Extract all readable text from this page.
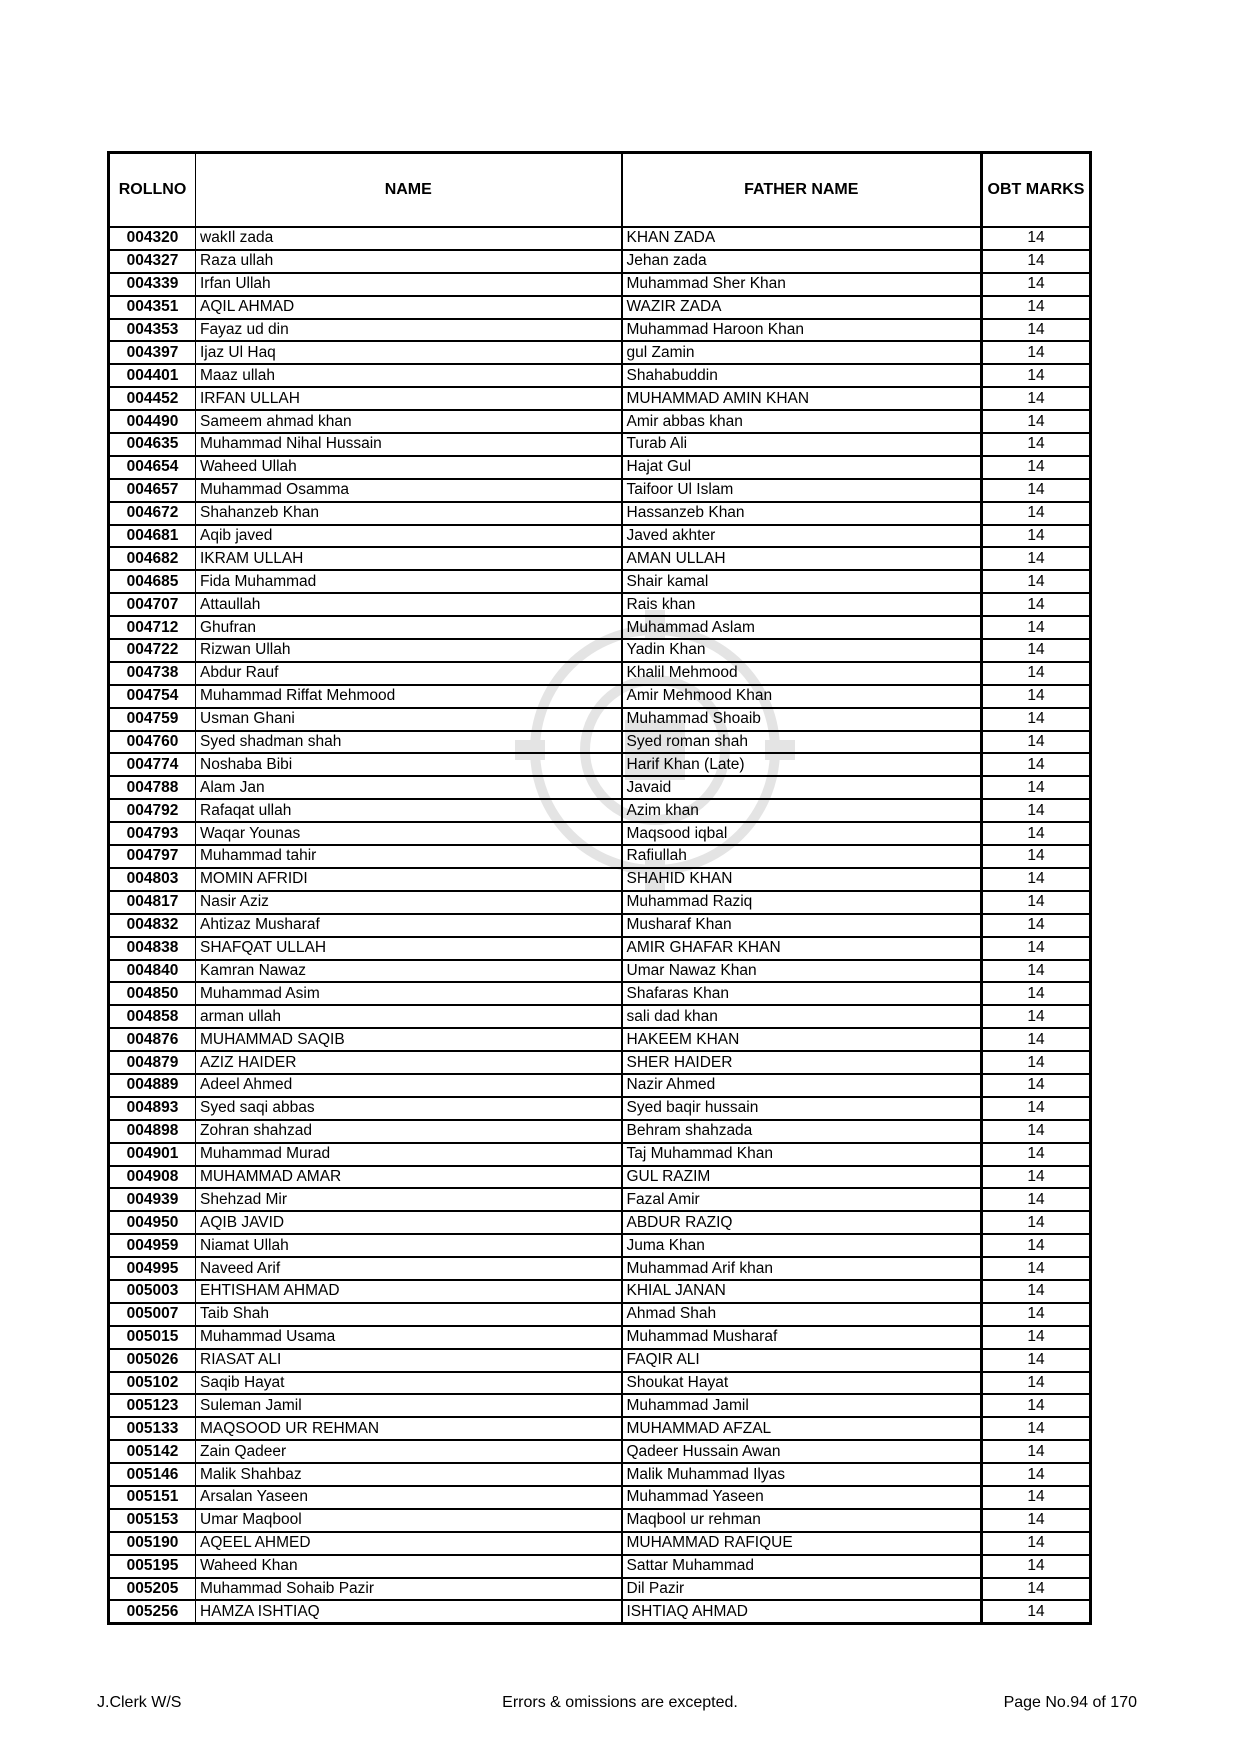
ROLLNO	NAME	FATHER NAME	OBT MARKS
004320	wakIl zada	KHAN ZADA	14
004327	Raza ullah	Jehan zada	14
004339	Irfan Ullah	Muhammad Sher Khan	14
004351	AQIL AHMAD	WAZIR ZADA	14
004353	Fayaz ud din	Muhammad Haroon Khan	14
004397	Ijaz Ul Haq	gul Zamin	14
004401	Maaz ullah	Shahabuddin	14
004452	IRFAN ULLAH	MUHAMMAD AMIN KHAN	14
004490	Sameem ahmad khan	Amir abbas khan	14
004635	Muhammad Nihal Hussain	Turab Ali	14
004654	Waheed Ullah	Hajat Gul	14
004657	Muhammad Osamma	Taifoor Ul Islam	14
004672	Shahanzeb Khan	Hassanzeb Khan	14
004681	Aqib javed	Javed akhter	14
004682	IKRAM ULLAH	AMAN ULLAH	14
004685	Fida Muhammad	Shair kamal	14
004707	Attaullah	Rais khan	14
004712	Ghufran	Muhammad Aslam	14
004722	Rizwan Ullah	Yadin Khan	14
004738	Abdur Rauf	Khalil Mehmood	14
004754	Muhammad Riffat Mehmood	Amir Mehmood Khan	14
004759	Usman Ghani	Muhammad Shoaib	14
004760	Syed shadman shah	Syed roman shah	14
004774	Noshaba Bibi	Harif Khan (Late)	14
004788	Alam Jan	Javaid	14
004792	Rafaqat ullah	Azim khan	14
004793	Waqar Younas	Maqsood iqbal	14
004797	Muhammad tahir	Rafiullah	14
004803	MOMIN AFRIDI	SHAHID KHAN	14
004817	Nasir Aziz	Muhammad Raziq	14
004832	Ahtizaz Musharaf	Musharaf Khan	14
004838	SHAFQAT ULLAH	AMIR GHAFAR KHAN	14
004840	Kamran Nawaz	Umar Nawaz Khan	14
004850	Muhammad Asim	Shafaras Khan	14
004858	arman ullah	sali dad khan	14
004876	MUHAMMAD SAQIB	HAKEEM KHAN	14
004879	AZIZ HAIDER	SHER HAIDER	14
004889	Adeel Ahmed	Nazir Ahmed	14
004893	Syed saqi abbas	Syed baqir hussain	14
004898	Zohran shahzad	Behram shahzada	14
004901	Muhammad Murad	Taj Muhammad Khan	14
004908	MUHAMMAD AMAR	GUL RAZIM	14
004939	Shehzad Mir	Fazal Amir	14
004950	AQIB JAVID	ABDUR RAZIQ	14
004959	Niamat Ullah	Juma Khan	14
004995	Naveed Arif	Muhammad Arif khan	14
005003	EHTISHAM AHMAD	KHIAL JANAN	14
005007	Taib Shah	Ahmad Shah	14
005015	Muhammad Usama	Muhammad Musharaf	14
005026	RIASAT ALI	FAQIR ALI	14
005102	Saqib Hayat	Shoukat Hayat	14
005123	Suleman Jamil	Muhammad Jamil	14
005133	MAQSOOD UR REHMAN	MUHAMMAD AFZAL	14
005142	Zain Qadeer	Qadeer Hussain Awan	14
005146	Malik Shahbaz	Malik Muhammad Ilyas	14
005151	Arsalan Yaseen	Muhammad Yaseen	14
005153	Umar Maqbool	Maqbool ur rehman	14
005190	AQEEL AHMED	MUHAMMAD RAFIQUE	14
005195	Waheed Khan	Sattar Muhammad	14
005205	Muhammad Sohaib Pazir	Dil Pazir	14
005256	HAMZA ISHTIAQ	ISHTIAQ AHMAD	14
J.Clerk W/S	Errors & omissions are excepted.	Page No.94 of 170
